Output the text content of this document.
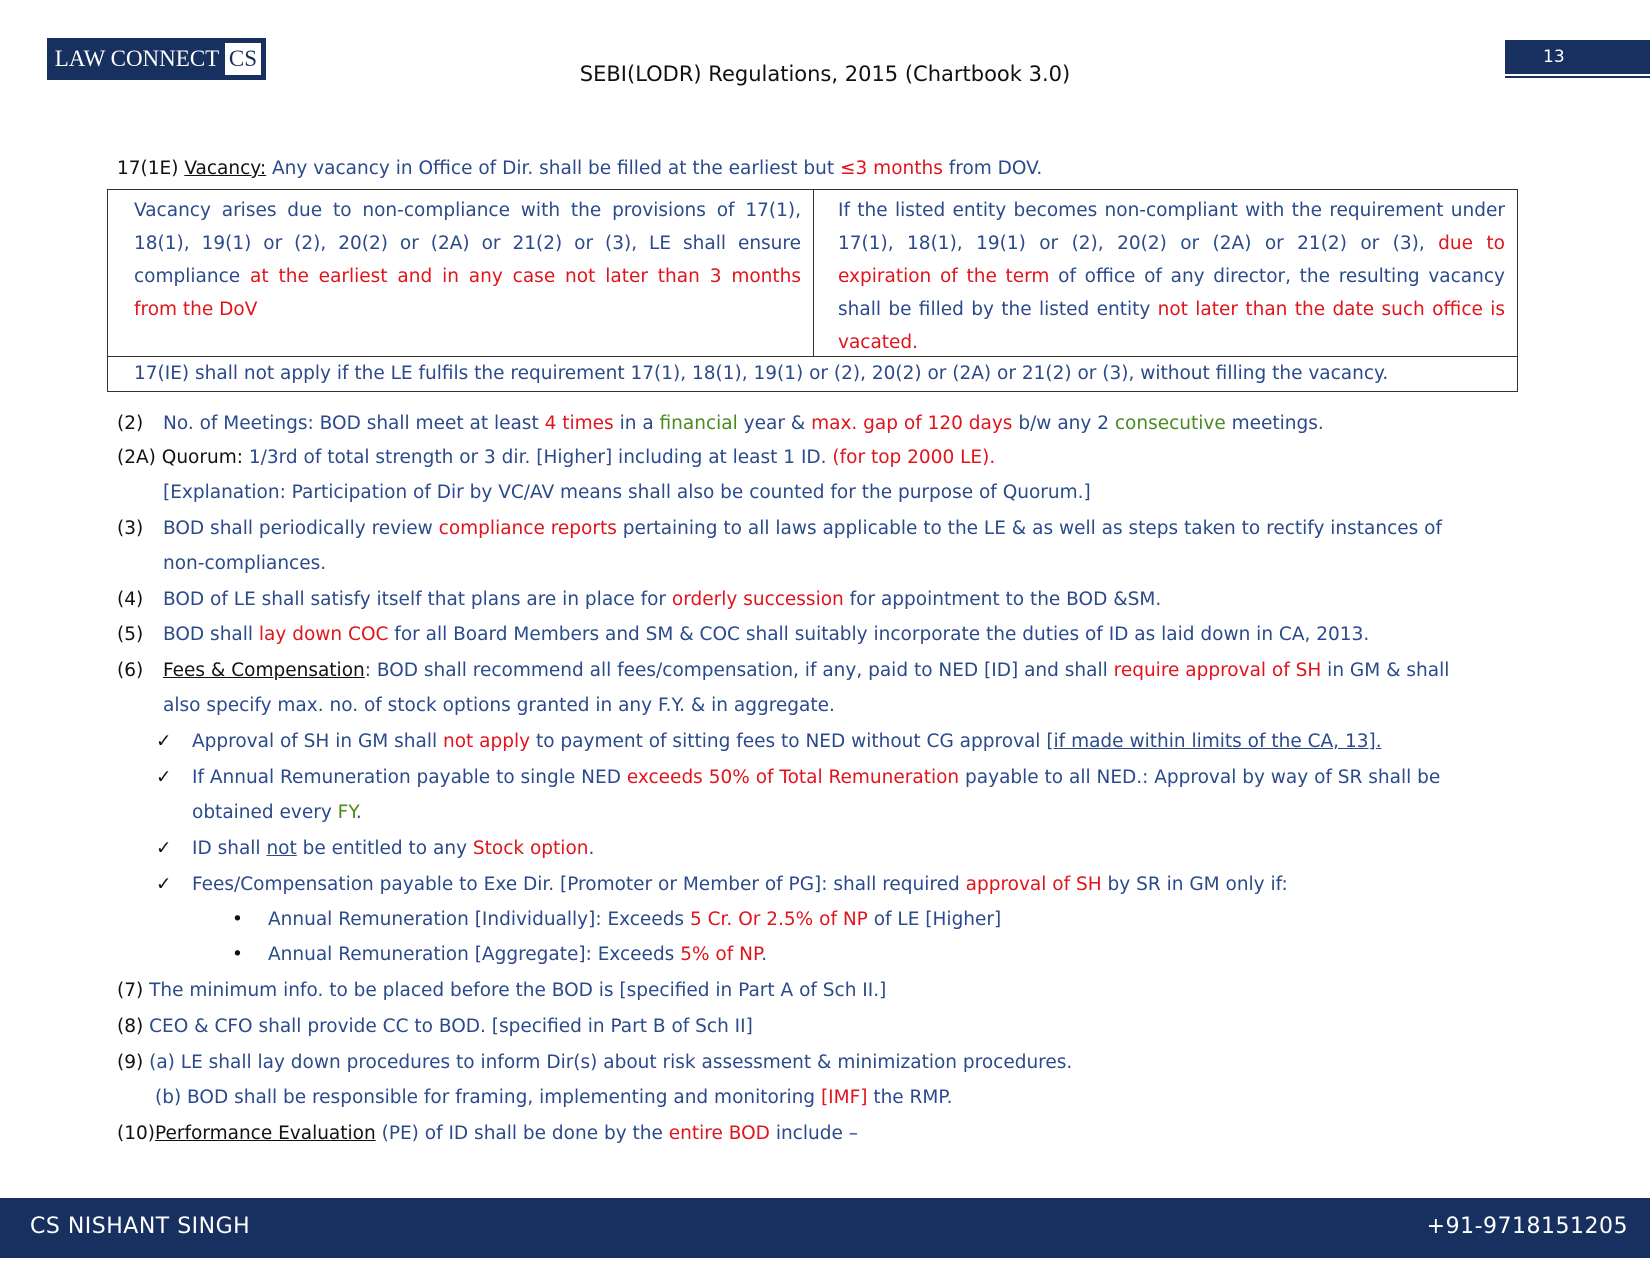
LAW CONNECT CS	13
SEBI(LODR) Regulations, 2015 (Chartbook 3.0)
17(1E) Vacancy: Any vacancy in Office of Dir. shall be filled at the earliest but ≤3 months from DOV.
Vacancy arises due to non-compliance with the provisions of 17(1), 18(1), 19(1) or (2), 20(2) or (2A) or 21(2) or (3), LE shall ensure compliance at the earliest and in any case not later than 3 months from the DoV
If the listed entity becomes non-compliant with the requirement under 17(1), 18(1), 19(1) or (2), 20(2) or (2A) or 21(2) or (3), due to expiration of the term of office of any director, the resulting vacancy shall be filled by the listed entity not later than the date such office is vacated.
17(IE) shall not apply if the LE fulfils the requirement 17(1), 18(1), 19(1) or (2), 20(2) or (2A) or 21(2) or (3), without filling the vacancy.
(2) No. of Meetings: BOD shall meet at least 4 times in a financial year & max. gap of 120 days b/w any 2 consecutive meetings.
(2A) Quorum: 1/3rd of total strength or 3 dir. [Higher] including at least 1 ID. (for top 2000 LE).
[Explanation: Participation of Dir by VC/AV means shall also be counted for the purpose of Quorum.]
(3) BOD shall periodically review compliance reports pertaining to all laws applicable to the LE & as well as steps taken to rectify instances of
non-compliances.
(4) BOD of LE shall satisfy itself that plans are in place for orderly succession for appointment to the BOD &SM.
(5) BOD shall lay down COC for all Board Members and SM & COC shall suitably incorporate the duties of ID as laid down in CA, 2013.
(6) Fees & Compensation: BOD shall recommend all fees/compensation, if any, paid to NED [ID] and shall require approval of SH in GM & shall
also specify max. no. of stock options granted in any F.Y. & in aggregate.
✓ Approval of SH in GM shall not apply to payment of sitting fees to NED without CG approval [if made within limits of the CA, 13].
✓ If Annual Remuneration payable to single NED exceeds 50% of Total Remuneration payable to all NED.: Approval by way of SR shall be
obtained every FY.
✓ ID shall not be entitled to any Stock option.
✓ Fees/Compensation payable to Exe Dir. [Promoter or Member of PG]: shall required approval of SH by SR in GM only if:
• Annual Remuneration [Individually]: Exceeds 5 Cr. Or 2.5% of NP of LE [Higher]
• Annual Remuneration [Aggregate]: Exceeds 5% of NP.
(7) The minimum info. to be placed before the BOD is [specified in Part A of Sch II.]
(8) CEO & CFO shall provide CC to BOD. [specified in Part B of Sch II]
(9) (a) LE shall lay down procedures to inform Dir(s) about risk assessment & minimization procedures.
(b) BOD shall be responsible for framing, implementing and monitoring [IMF] the RMP.
(10)Performance Evaluation (PE) of ID shall be done by the entire BOD include –
CS NISHANT SINGH	+91-9718151205
